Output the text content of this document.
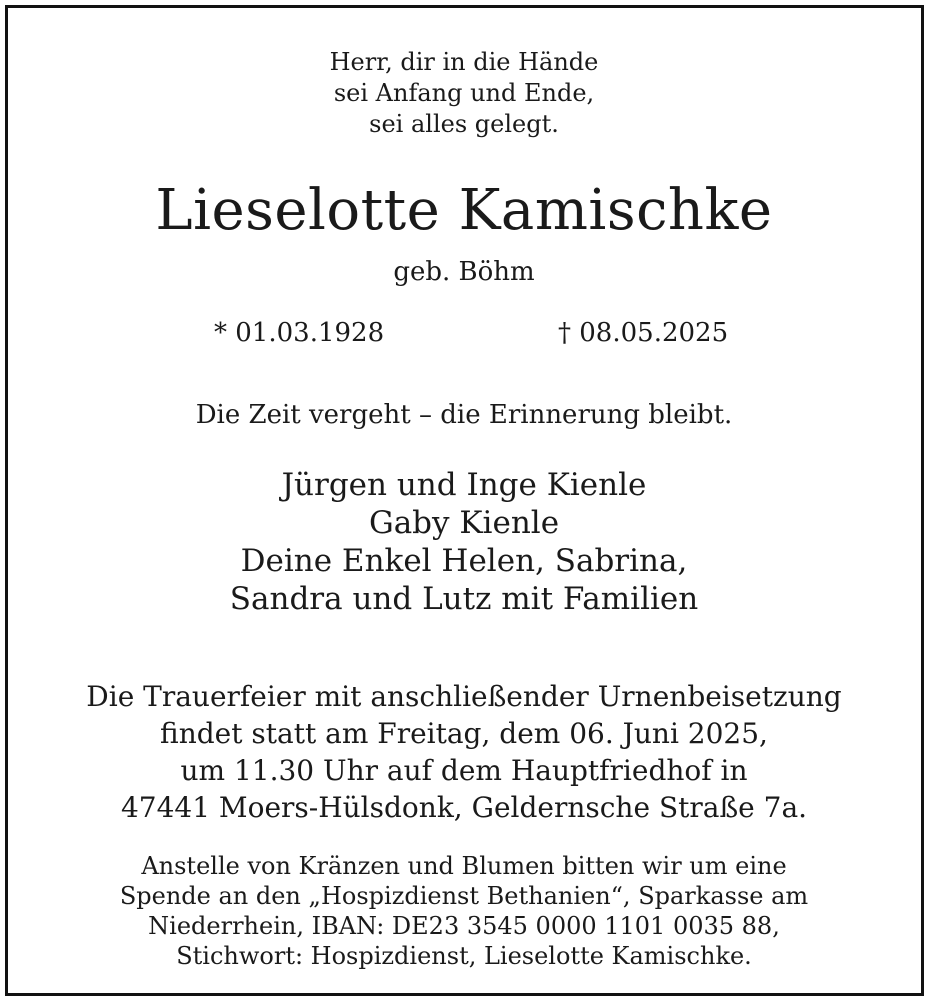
Herr, dir in die Hände
sei Anfang und Ende,
sei alles gelegt.
Lieselotte Kamischke
geb. Böhm
* 01.03.1928	† 08.05.2025
Die Zeit vergeht – die Erinnerung bleibt.
Jürgen und Inge Kienle
Gaby Kienle
Deine Enkel Helen, Sabrina,
Sandra und Lutz mit Familien
Die Trauerfeier mit anschließender Urnenbeisetzung
findet statt am Freitag, dem 06. Juni 2025,
um 11.30 Uhr auf dem Hauptfriedhof in
47441 Moers-Hülsdonk, Geldernsche Straße 7a.
Anstelle von Kränzen und Blumen bitten wir um eine
Spende an den „Hospizdienst Bethanien“, Sparkasse am
Niederrhein, IBAN: DE23 3545 0000 1101 0035 88,
Stichwort: Hospizdienst, Lieselotte Kamischke.
